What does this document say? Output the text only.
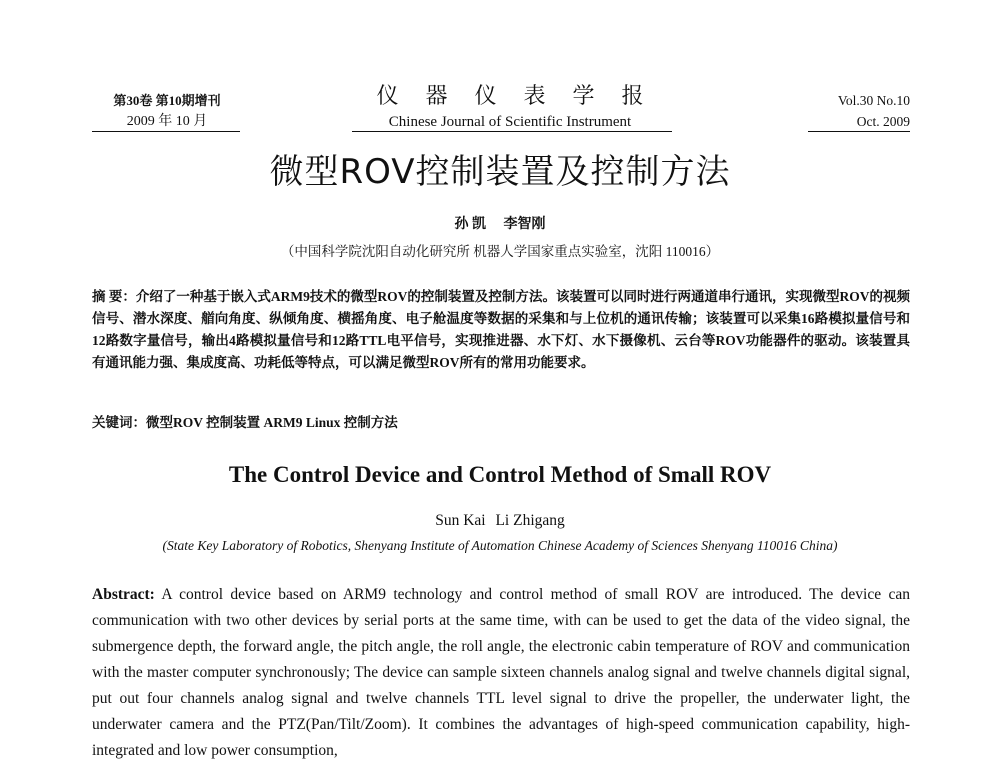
第30卷 第10期增刊
2009 年 10 月
仪器仪表学报
Chinese Journal of Scientific Instrument
Vol.30 No.10
Oct. 2009
微型ROV控制装置及控制方法
孙 凯 李智刚
（中国科学院沈阳自动化研究所 机器人学国家重点实验室，沈阳 110016）
摘 要：介绍了一种基于嵌入式ARM9技术的微型ROV的控制装置及控制方法。该装置可以同时进行两通道串行通讯，实现微型ROV的视频信号、潜水深度、艏向角度、纵倾角度、横摇角度、电子舱温度等数据的采集和与上位机的通讯传输；该装置可以采集16路模拟量信号和12路数字量信号，输出4路模拟量信号和12路TTL电平信号，实现推进器、水下灯、水下摄像机、云台等ROV功能器件的驱动。该装置具有通讯能力强、集成度高、功耗低等特点，可以满足微型ROV所有的常用功能要求。
关键词：微型ROV 控制装置 ARM9 Linux 控制方法
The Control Device and Control Method of Small ROV
Sun Kai Li Zhigang
(State Key Laboratory of Robotics, Shenyang Institute of Automation Chinese Academy of Sciences Shenyang 110016 China)
Abstract: A control device based on ARM9 technology and control method of small ROV are introduced. The device can communication with two other devices by serial ports at the same time, with can be used to get the data of the video signal, the submergence depth, the forward angle, the pitch angle, the roll angle, the electronic cabin temperature of ROV and communication with the master computer synchronously; The device can sample sixteen channels analog signal and twelve channels digital signal, put out four channels analog signal and twelve channels TTL level signal to drive the propeller, the underwater light, the underwater camera and the PTZ(Pan/Tilt/Zoom). It combines the advantages of high-speed communication capability, high-integrated and low power consumption,
